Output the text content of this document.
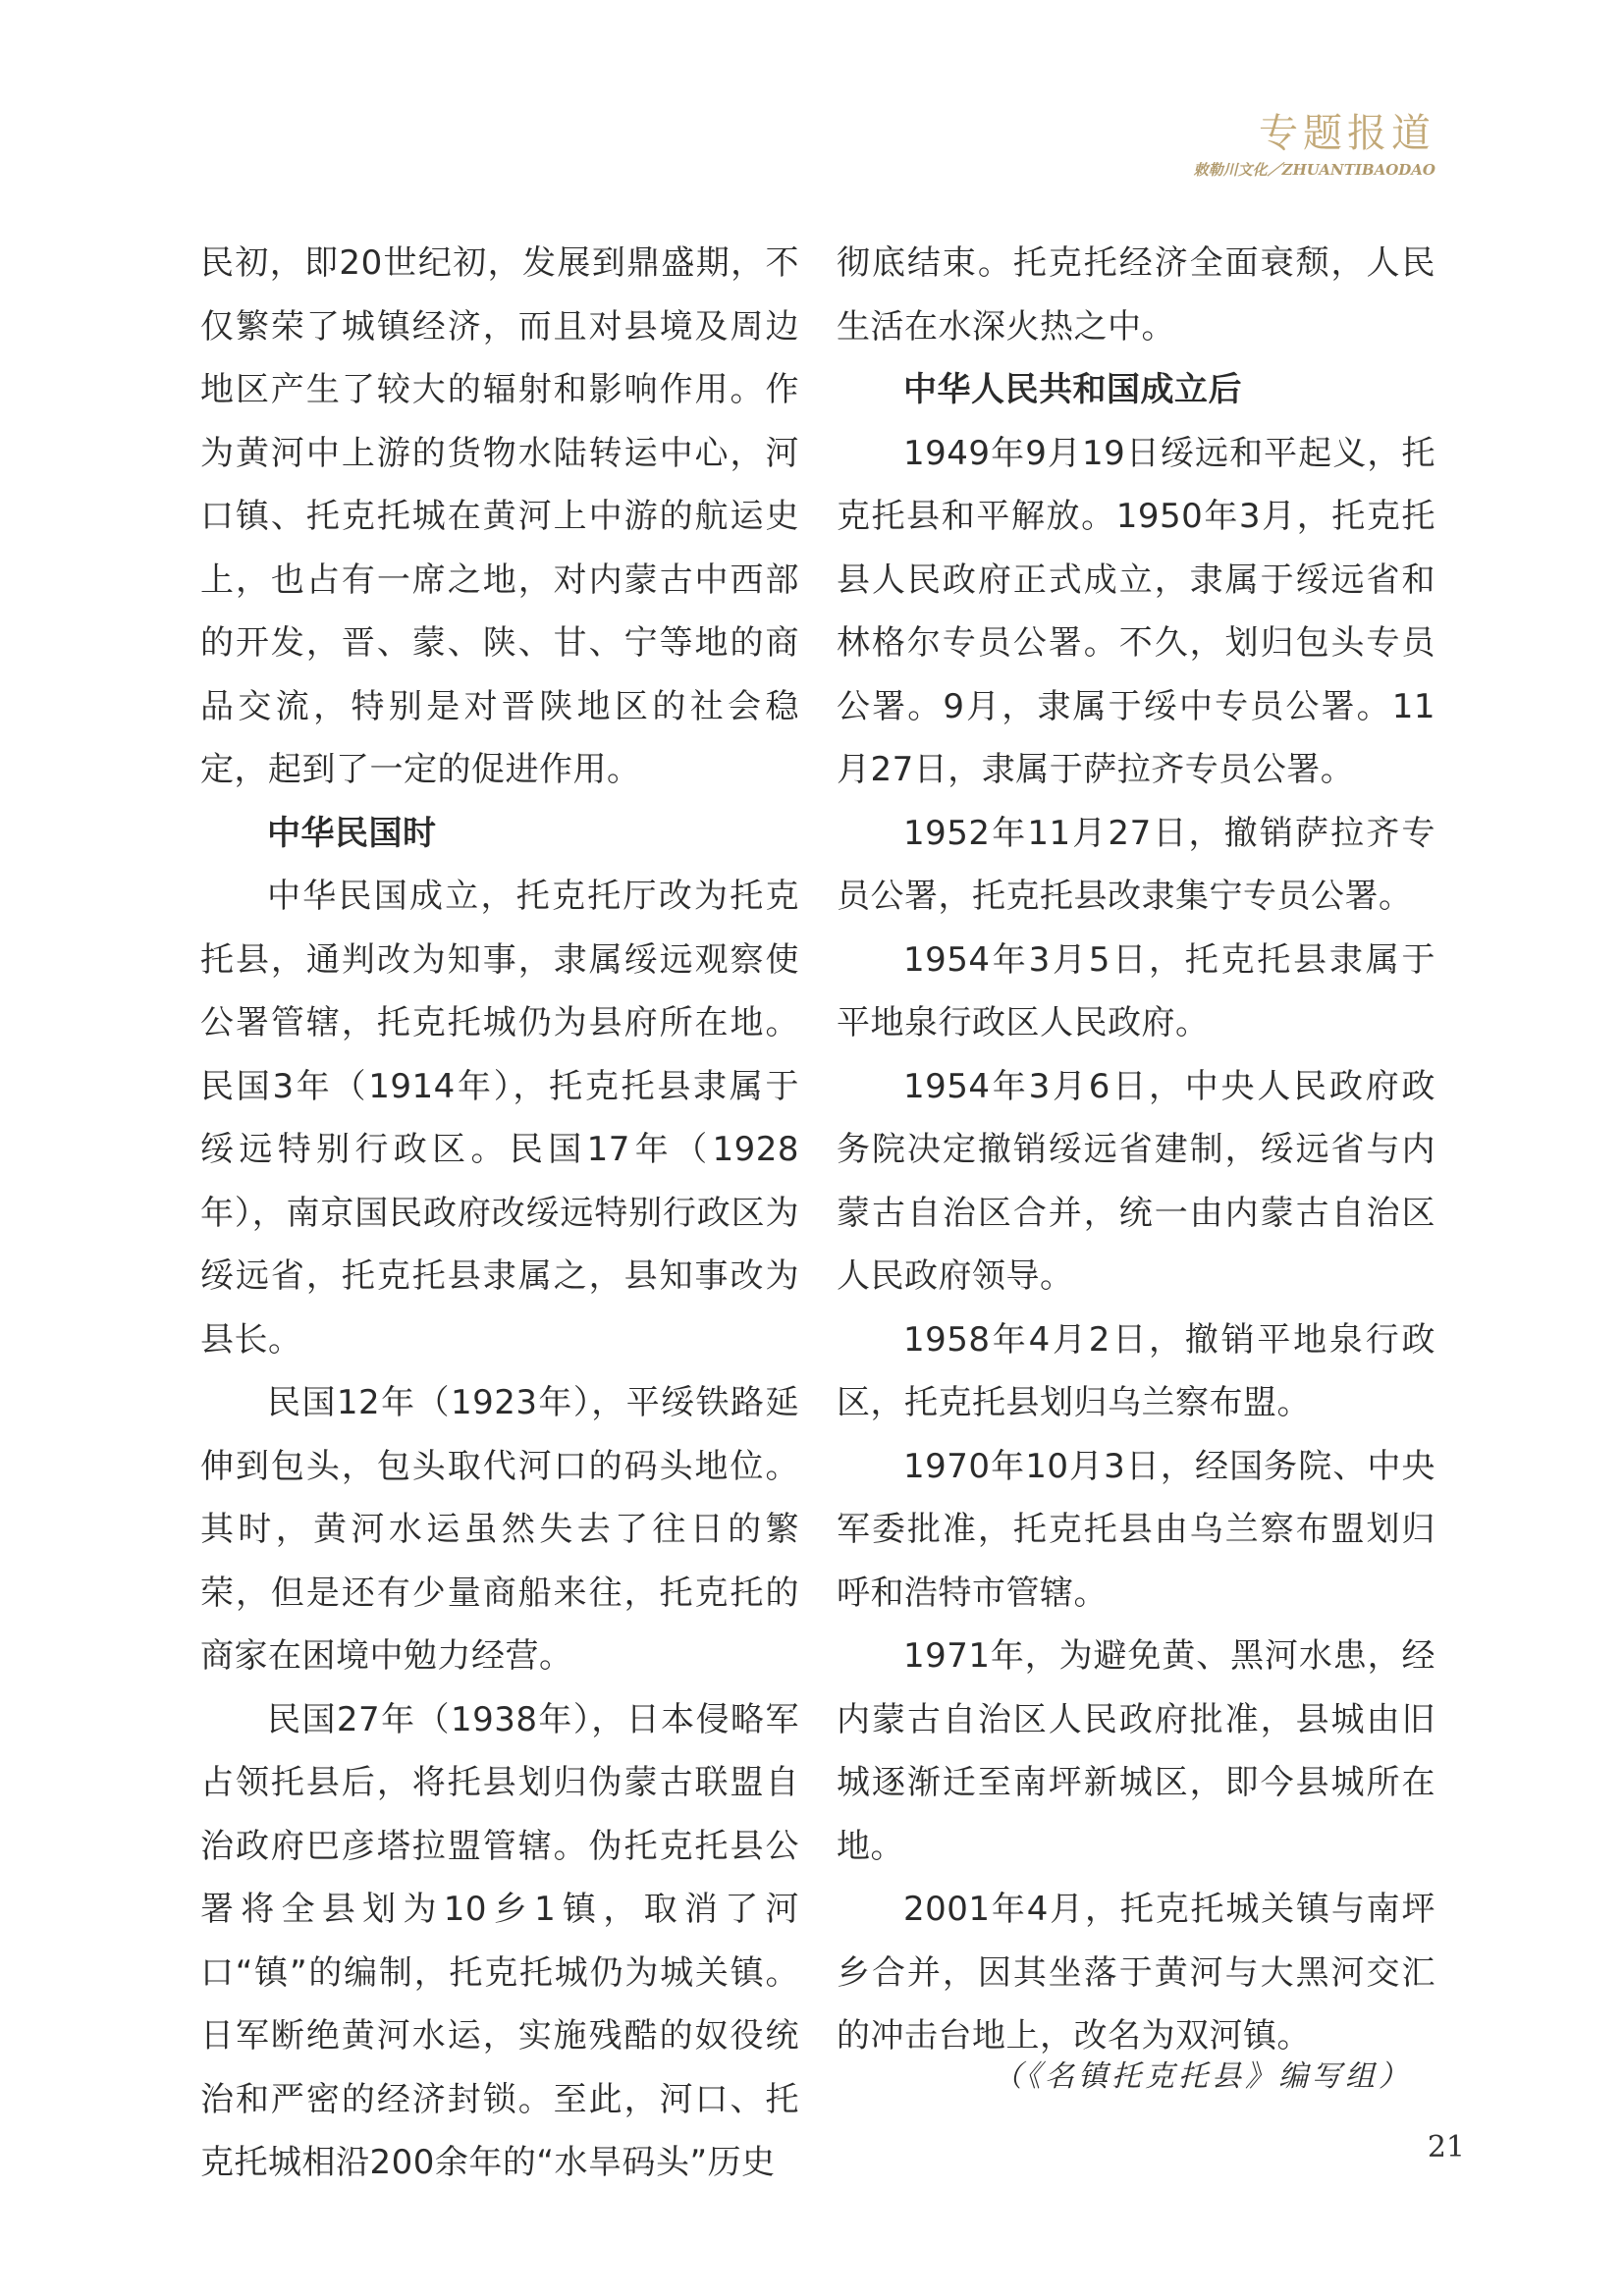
专题报道
敕勒川文化／ZHUANTIBAODAO

民初，即20世纪初，发展到鼎盛期，不仅繁荣了城镇经济，而且对县境及周边地区产生了较大的辐射和影响作用。作为黄河中上游的货物水陆转运中心，河口镇、托克托城在黄河上中游的航运史上，也占有一席之地，对内蒙古中西部的开发，晋、蒙、陕、甘、宁等地的商品交流，特别是对晋陕地区的社会稳定，起到了一定的促进作用。

中华民国时

中华民国成立，托克托厅改为托克托县，通判改为知事，隶属绥远观察使公署管辖，托克托城仍为县府所在地。民国3年（1914年），托克托县隶属于绥远特别行政区。民国17年（1928年），南京国民政府改绥远特别行政区为绥远省，托克托县隶属之，县知事改为县长。

民国12年（1923年），平绥铁路延伸到包头，包头取代河口的码头地位。其时，黄河水运虽然失去了往日的繁荣，但是还有少量商船来往，托克托的商家在困境中勉力经营。

民国27年（1938年），日本侵略军占领托县后，将托县划归伪蒙古联盟自治政府巴彦塔拉盟管辖。伪托克托县公署将全县划为10乡1镇，取消了河口“镇”的编制，托克托城仍为城关镇。日军断绝黄河水运，实施残酷的奴役统治和严密的经济封锁。至此，河口、托克托城相沿200余年的“水旱码头”历史

彻底结束。托克托经济全面衰颓，人民生活在水深火热之中。

中华人民共和国成立后

1949年9月19日绥远和平起义，托克托县和平解放。1950年3月，托克托县人民政府正式成立，隶属于绥远省和林格尔专员公署。不久，划归包头专员公署。9月，隶属于绥中专员公署。11月27日，隶属于萨拉齐专员公署。

1952年11月27日，撤销萨拉齐专员公署，托克托县改隶集宁专员公署。

1954年3月5日，托克托县隶属于平地泉行政区人民政府。

1954年3月6日，中央人民政府政务院决定撤销绥远省建制，绥远省与内蒙古自治区合并，统一由内蒙古自治区人民政府领导。

1958年4月2日，撤销平地泉行政区，托克托县划归乌兰察布盟。

1970年10月3日，经国务院、中央军委批准，托克托县由乌兰察布盟划归呼和浩特市管辖。

1971年，为避免黄、黑河水患，经内蒙古自治区人民政府批准，县城由旧城逐渐迁至南坪新城区，即今县城所在地。

2001年4月，托克托城关镇与南坪乡合并，因其坐落于黄河与大黑河交汇的冲击台地上，改名为双河镇。

（《名镇托克托县》编写组）
21
